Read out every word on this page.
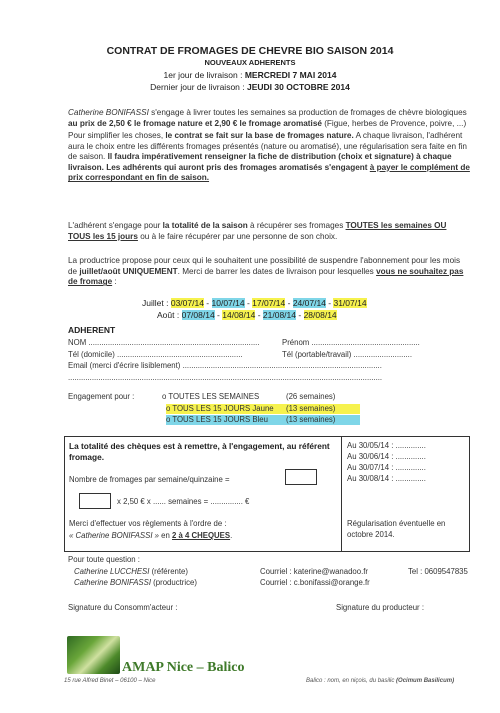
CONTRAT DE FROMAGES DE CHEVRE BIO SAISON 2014
NOUVEAUX ADHERENTS
1er jour de livraison : MERCREDI 7 MAI 2014
Dernier jour de livraison : JEUDI 30 OCTOBRE 2014
Catherine BONIFASSI s'engage à livrer toutes les semaines sa production de fromages de chèvre biologiques au prix de 2,50 € le fromage nature et 2,90 € le fromage aromatisé (Figue, herbes de Provence, poivre, ...)
Pour simplifier les choses, le contrat se fait sur la base de fromages nature. A chaque livraison, l'adhérent aura le choix entre les différents fromages présentés (nature ou aromatisé), une régularisation sera faite en fin de saison. Il faudra impérativement renseigner la fiche de distribution (choix et signature) à chaque livraison. Les adhérents qui auront pris des fromages aromatisés s'engagent à payer le complément de prix correspondant en fin de saison.
L'adhérent s'engage pour la totalité de la saison à récupérer ses fromages TOUTES les semaines OU TOUS les 15 jours ou à le faire récupérer par une personne de son choix.
La productrice propose pour ceux qui le souhaitent une possibilité de suspendre l'abonnement pour les mois de juillet/août UNIQUEMENT. Merci de barrer les dates de livraison pour lesquelles vous ne souhaitez pas de fromage :
Juillet : 03/07/14 - 10/07/14 - 17/07/14 - 24/07/14 - 31/07/14
Août : 07/08/14 - 14/08/14 - 21/08/14 - 28/08/14
ADHERENT
NOM ...............................................................................	Prénom ..................................................
Tél (domicile) ..........................................................	Tél (portable/travail) ...........................
Email (merci d'écrire lisiblement) ............................................................................................
.................................................................................................................................................
Engagement pour :	o TOUTES LES SEMAINES	(26 semaines)
o TOUS LES 15 JOURS Jaune (13 semaines)
o TOUS LES 15 JOURS Bleu (13 semaines)
La totalité des chèques est à remettre, à l'engagement, au référent fromage.
Nombre de fromages par semaine/quinzaine =
x 2,50 € x ...... semaines = ............... €
Merci d'effectuer vos règlements à l'ordre de :
« Catherine BONIFASSI » en 2 à 4 CHEQUES.
Au 30/05/14 : ..............
Au 30/06/14 : ..............
Au 30/07/14 : ..............
Au 30/08/14 : ..............
Régularisation éventuelle en octobre 2014.
Pour toute question :
Catherine LUCCHESI (référente)	Courriel : katerine@wanadoo.fr	Tel : 0609547835
Catherine BONIFASSI (productrice)	Courriel : c.bonifassi@orange.fr
Signature du Consomm'acteur :	Signature du producteur :
AMAP Nice – Balico
15 rue Alfred Binet – 06100 – Nice	Balico : nom, en niçois, du basilic (Ocimum Basilicum)
